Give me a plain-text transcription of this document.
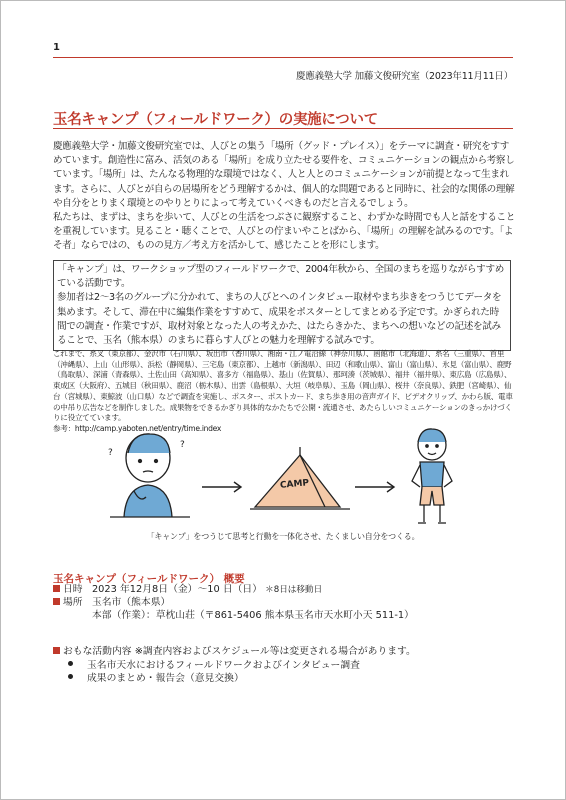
1
慶應義塾大学 加藤文俊研究室（2023年11月11日）
玉名キャンプ（フィールドワーク）の実施について

慶應義塾大学・加藤文俊研究室では、人びとの集う「場所（グッド・プレイス）」をテーマに調査・研究をすすめています。創造性に富み、活気のある「場所」を成り立たせる要件を、コミュニケーションの観点から考察しています。「場所」は、たんなる物理的な環境ではなく、人と人とのコミュニケーションが前提となって生まれます。さらに、人びとが自らの居場所をどう理解するかは、個人的な問題であると同時に、社会的な関係の理解や自分をとりまく環境とのやりとりによって考えていくべきものだと言えるでしょう。

私たちは、まずは、まちを歩いて、人びとの生活をつぶさに観察すること、わずかな時間でも人と話をすることを重視しています。見ること・聴くことで、人びとの佇まいやことばから、「場所」の理解を試みるのです。「よそ者」ならではの、ものの見方／考え方を活かして、感じたことを形にします。

「キャンプ」は、ワークショップ型のフィールドワークで、2004年秋から、全国のまちを巡りながらすすめている活動です。

参加者は2〜3名のグループに分かれて、まちの人びとへのインタビュー取材やまち歩きをつうじてデータを集めます。そして、滞在中に編集作業をすすめて、成果をポスターとしてまとめる予定です。かぎられた時間での調査・作業ですが、取材対象となった人の考えかた、はたらきかた、まちへの想いなどの記述を試みることで、玉名（熊本県）のまちに暮らす人びとの魅力を理解する試みです。

これまで、糸叉（東京都）、金沢市（石川県）、坂出市（香川県）、湘南・江ノ電沿線（神奈川県）、函館市（北海道）、糸名（三重県）、首里（沖縄県）、上山（山形県）、浜松（静岡県）、三宅島（東京都）、上越市（新潟県）、田辺（和歌山県）、富山（富山県）、氷見（富山県）、鹿野（鳥取県）、深浦（青森県）、土佐山田（高知県）、喜多方（福島県）、基山（佐賀県）、那珂湊（茨城県）、福井（福井県）、東広島（広島県）、東成区（大阪府）、五城目（秋田県）、鹿沼（栃木県）、出雲（島根県）、大垣（岐阜県）、玉島（岡山県）、桜井（奈良県）、鉄肥（宮崎県）、仙台（宮城県）、東鯨波（山口県）などで調査を実施し、ポスター、ポストカード、まち歩き用の音声ガイド、ビデオクリップ、かわら版、電車の中吊り広告などを制作しました。成果物をできるかぎり具体的なかたちで公開・流通させ、あたらしいコミュニケーションのきっかけづくりに役立てています。
参考：http://camp.yaboten.net/entry/time.index

?
?
CAMP
「キャンプ」をつうじて思考と行動を一体化させ、たくましい自分をつくる。
玉名キャンプ（フィールドワーク） 概要
日時 2023 年12月8日（金）〜10 日（日） ＊8日は移動日
場所 玉名市（熊本県）
本部（作業）：草枕山荘（〒861-5406 熊本県玉名市天水町小天 511-1）
おもな活動内容 ※調査内容およびスケジュール等は変更される場合があります。
玉名市天水におけるフィールドワークおよびインタビュー調査
成果のまとめ・報告会（意見交換）
